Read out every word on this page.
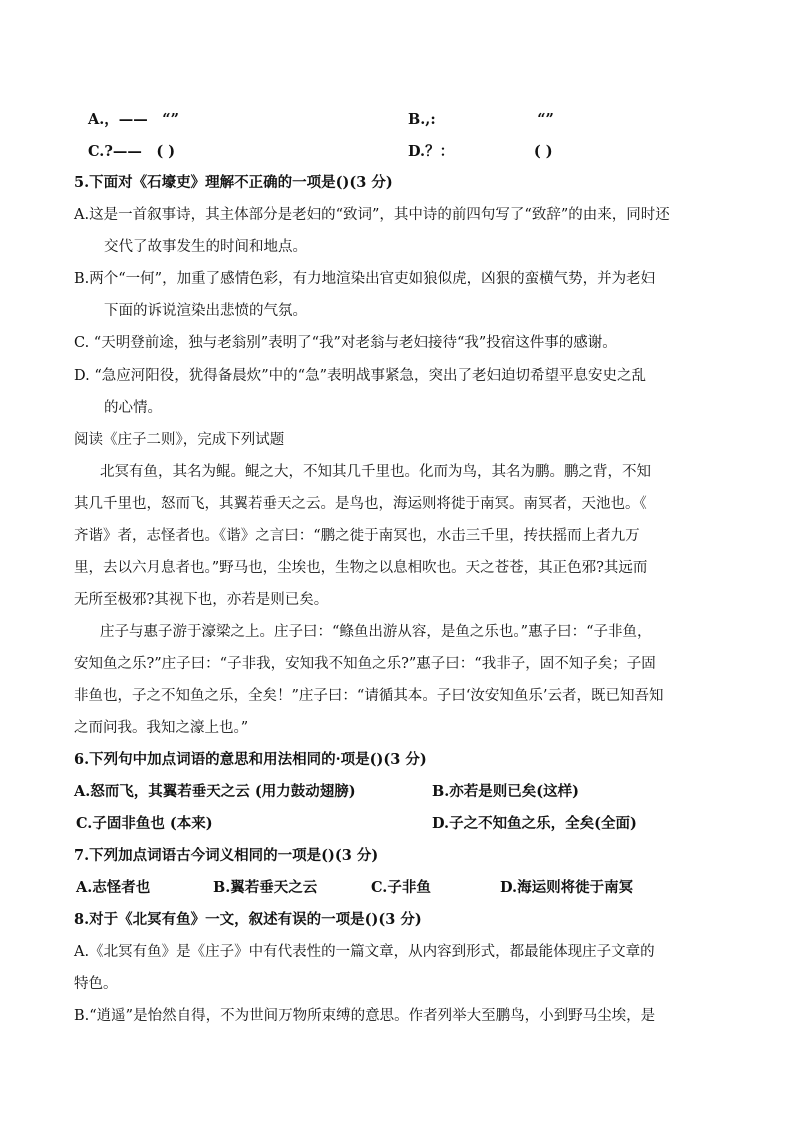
A.，——　“”	B.,:　　　　　　　“”
C.?——　( )	D.？：　　　　　　( )
5.下面对《石壕吏》理解不正确的一项是()(3 分)
A.这是一首叙事诗，其主体部分是老妇的“致词”，其中诗的前四句写了“致辞”的由来，同时还
交代了故事发生的时间和地点。
B.两个“一何”，加重了感情色彩，有力地渲染出官吏如狼似虎，凶狠的蛮横气势，并为老妇
下面的诉说渲染出悲愤的气氛。
C. “天明登前途，独与老翁别”表明了“我”对老翁与老妇接待“我”投宿这件事的感谢。
D. “急应河阳役，犹得备晨炊”中的“急”表明战事紧急，突出了老妇迫切希望平息安史之乱
的心情。
阅读《庄子二则》，完成下列试题
北冥有鱼，其名为鲲。鲲之大，不知其几千里也。化而为鸟，其名为鹏。鹏之背，不知
其几千里也，怒而飞，其翼若垂天之云。是鸟也，海运则将徙于南冥。南冥者，天池也。《
齐谐》者，志怪者也。《谐》之言曰：“鹏之徙于南冥也，水击三千里，抟扶摇而上者九万
里，去以六月息者也。”野马也，尘埃也，生物之以息相吹也。天之苍苍，其正色邪?其远而
无所至极邪?其视下也，亦若是则已矣。
庄子与惠子游于濠梁之上。庄子曰：“鲦鱼出游从容，是鱼之乐也。”惠子曰：“子非鱼，
安知鱼之乐?”庄子曰：“子非我，安知我不知鱼之乐?”惠子曰：“我非子，固不知子矣；子固
非鱼也，子之不知鱼之乐，全矣！”庄子曰：“请循其本。子曰‘汝安知鱼乐’云者，既已知吾知
之而问我。我知之濠上也。”
6.下列句中加点词语的意思和用法相同的·项是()(3 分)
A.怒而飞，其翼若垂天之云 (用力鼓动翅膀)	B.亦若是则已矣(这样)
C.子固非鱼也 (本来)	D.子之不知鱼之乐，全矣(全面)
7.下列加点词语古今词义相同的一项是()(3 分)
A.志怪者也	B.翼若垂天之云	C.子非鱼	D.海运则将徙于南冥
8.对于《北冥有鱼》一文，叙述有误的一项是()(3 分)
A.《北冥有鱼》是《庄子》中有代表性的一篇文章，从内容到形式，都最能体现庄子文章的
特色。
B.“逍遥”是怡然自得，不为世间万物所束缚的意思。作者列举大至鹏鸟，小到野马尘埃，是
